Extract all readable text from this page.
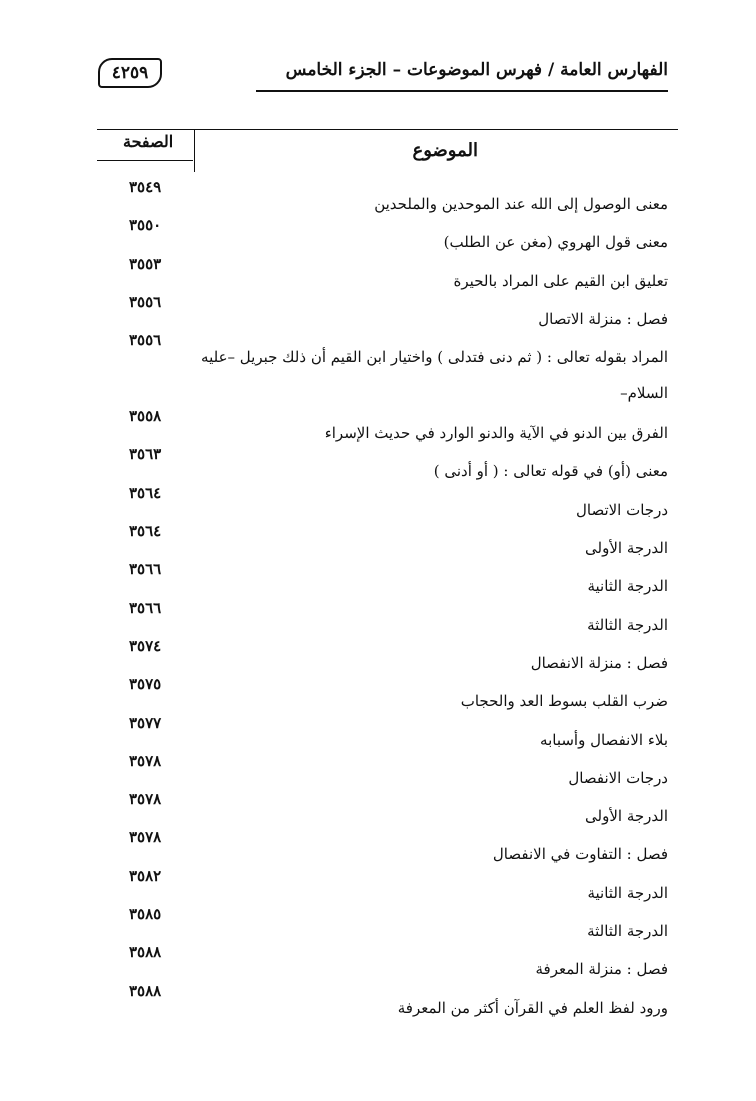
الفهارس العامة / فهرس الموضوعات – الجزء الخامس
٤٢٥٩
الموضوع
الصفحة
معنى الوصول إلى الله عند الموحدين والملحدين
٣٥٤٩
معنى قول الهروي (مغن عن الطلب)
٣٥٥٠
تعليق ابن القيم على المراد بالحيرة
٣٥٥٣
فصل : منزلة الاتصال
٣٥٥٦
المراد بقوله تعالى : ( ثم دنى فتدلى ) واختيار ابن القيم أن ذلك جبريل –عليه السلام–
٣٥٥٦
الفرق بين الدنو في الآية والدنو الوارد في حديث الإسراء
٣٥٥٨
معنى (أو) في قوله تعالى : ( أو أدنى )
٣٥٦٣
درجات الاتصال
٣٥٦٤
الدرجة الأولى
٣٥٦٤
الدرجة الثانية
٣٥٦٦
الدرجة الثالثة
٣٥٦٦
فصل : منزلة الانفصال
٣٥٧٤
ضرب القلب بسوط العد والحجاب
٣٥٧٥
بلاء الانفصال وأسبابه
٣٥٧٧
درجات الانفصال
٣٥٧٨
الدرجة الأولى
٣٥٧٨
فصل : التفاوت في الانفصال
٣٥٧٨
الدرجة الثانية
٣٥٨٢
الدرجة الثالثة
٣٥٨٥
فصل : منزلة المعرفة
٣٥٨٨
ورود لفظ العلم في القرآن أكثر من المعرفة
٣٥٨٨
